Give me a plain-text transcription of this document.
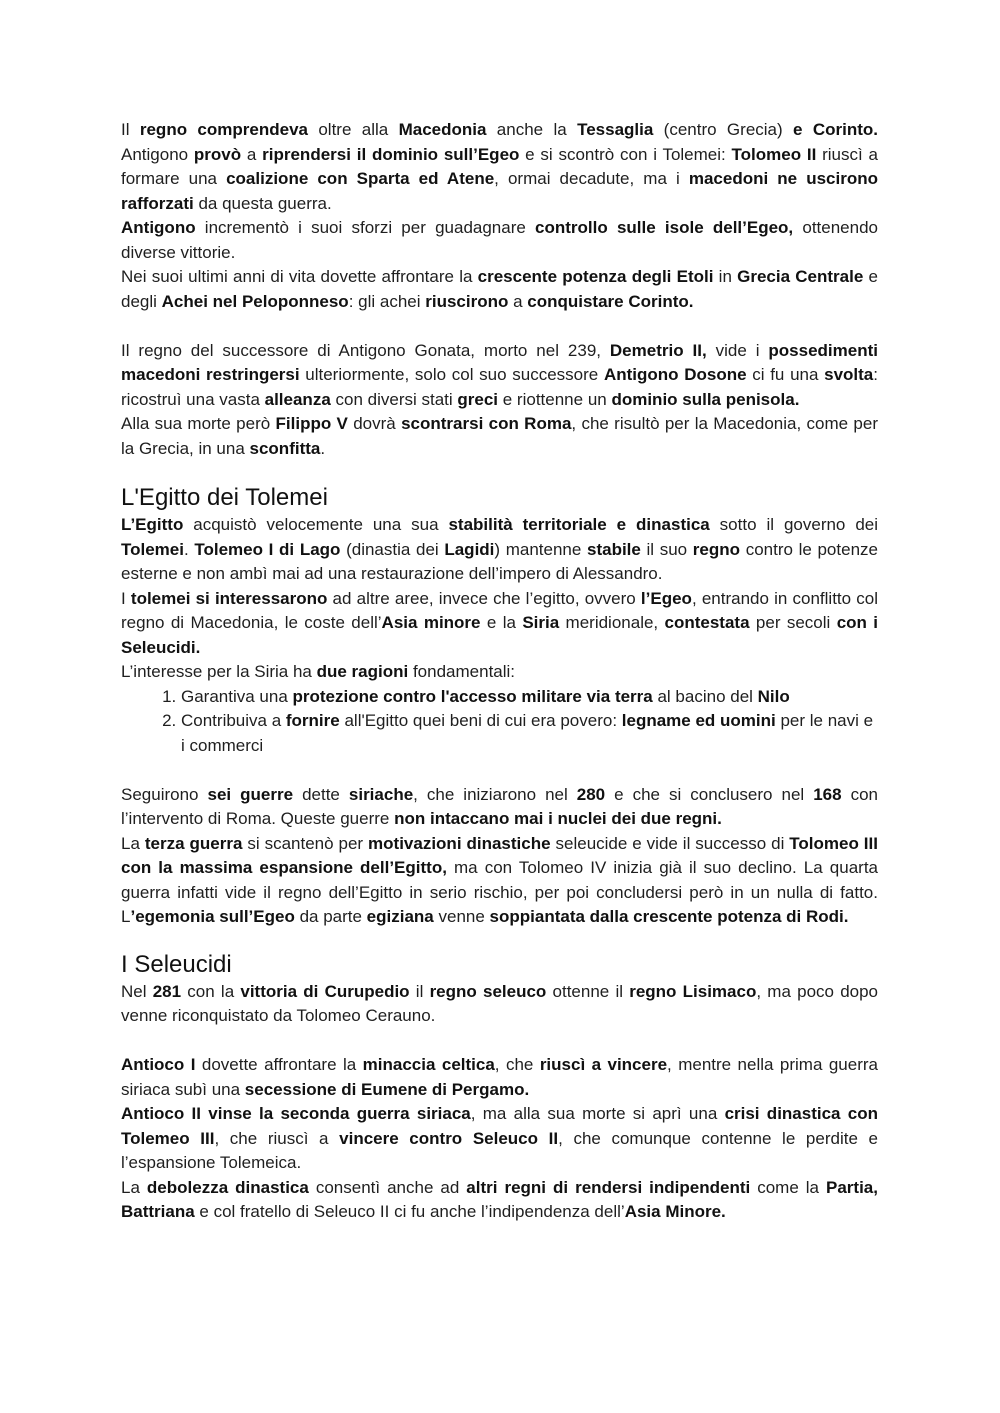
Il regno comprendeva oltre alla Macedonia anche la Tessaglia (centro Grecia) e Corinto. Antigono provò a riprendersi il dominio sull’Egeo e si scontrò con i Tolemei: Tolomeo II riuscì a formare una coalizione con Sparta ed Atene, ormai decadute, ma i macedoni ne uscirono rafforzati da questa guerra.

Antigono incrementò i suoi sforzi per guadagnare controllo sulle isole dell’Egeo, ottenendo diverse vittorie.

Nei suoi ultimi anni di vita dovette affrontare la crescente potenza degli Etoli in Grecia Centrale e degli Achei nel Peloponneso: gli achei riuscirono a conquistare Corinto.

Il regno del successore di Antigono Gonata, morto nel 239, Demetrio II, vide i possedimenti macedoni restringersi ulteriormente, solo col suo successore Antigono Dosone ci fu una svolta: ricostruì una vasta alleanza con diversi stati greci e riottenne un dominio sulla penisola.

Alla sua morte però Filippo V dovrà scontrarsi con Roma, che risultò per la Macedonia, come per la Grecia, in una sconfitta.

L'Egitto dei Tolemei

L’Egitto acquistò velocemente una sua stabilità territoriale e dinastica sotto il governo dei Tolemei. Tolemeo I di Lago (dinastia dei Lagidi) mantenne stabile il suo regno contro le potenze esterne e non ambì mai ad una restaurazione dell’impero di Alessandro.

I tolemei si interessarono ad altre aree, invece che l’egitto, ovvero l’Egeo, entrando in conflitto col regno di Macedonia, le coste dell’Asia minore e la Siria meridionale, contestata per secoli con i Seleucidi.

L’interesse per la Siria ha due ragioni fondamentali:

1. Garantiva una protezione contro l'accesso militare via terra al bacino del Nilo
2. Contribuiva a fornire all'Egitto quei beni di cui era povero: legname ed uomini per le navi e i commerci

Seguirono sei guerre dette siriache, che iniziarono nel 280 e che si conclusero nel 168 con l’intervento di Roma. Queste guerre non intaccano mai i nuclei dei due regni.

La terza guerra si scantenò per motivazioni dinastiche seleucide e vide il successo di Tolomeo III con la massima espansione dell’Egitto, ma con Tolomeo IV inizia già il suo declino. La quarta guerra infatti vide il regno dell’Egitto in serio rischio, per poi concludersi però in un nulla di fatto. L’egemonia sull’Egeo da parte egiziana venne soppiantata dalla crescente potenza di Rodi.

I Seleucidi

Nel 281 con la vittoria di Curupedio il regno seleuco ottenne il regno Lisimaco, ma poco dopo venne riconquistato da Tolomeo Cerauno.

Antioco I dovette affrontare la minaccia celtica, che riuscì a vincere, mentre nella prima guerra siriaca subì una secessione di Eumene di Pergamo.

Antioco II vinse la seconda guerra siriaca, ma alla sua morte si aprì una crisi dinastica con Tolemeo III, che riuscì a vincere contro Seleuco II, che comunque contenne le perdite e l’espansione Tolemeica.

La debolezza dinastica consentì anche ad altri regni di rendersi indipendenti come la Partia, Battriana e col fratello di Seleuco II ci fu anche l’indipendenza dell’Asia Minore.
